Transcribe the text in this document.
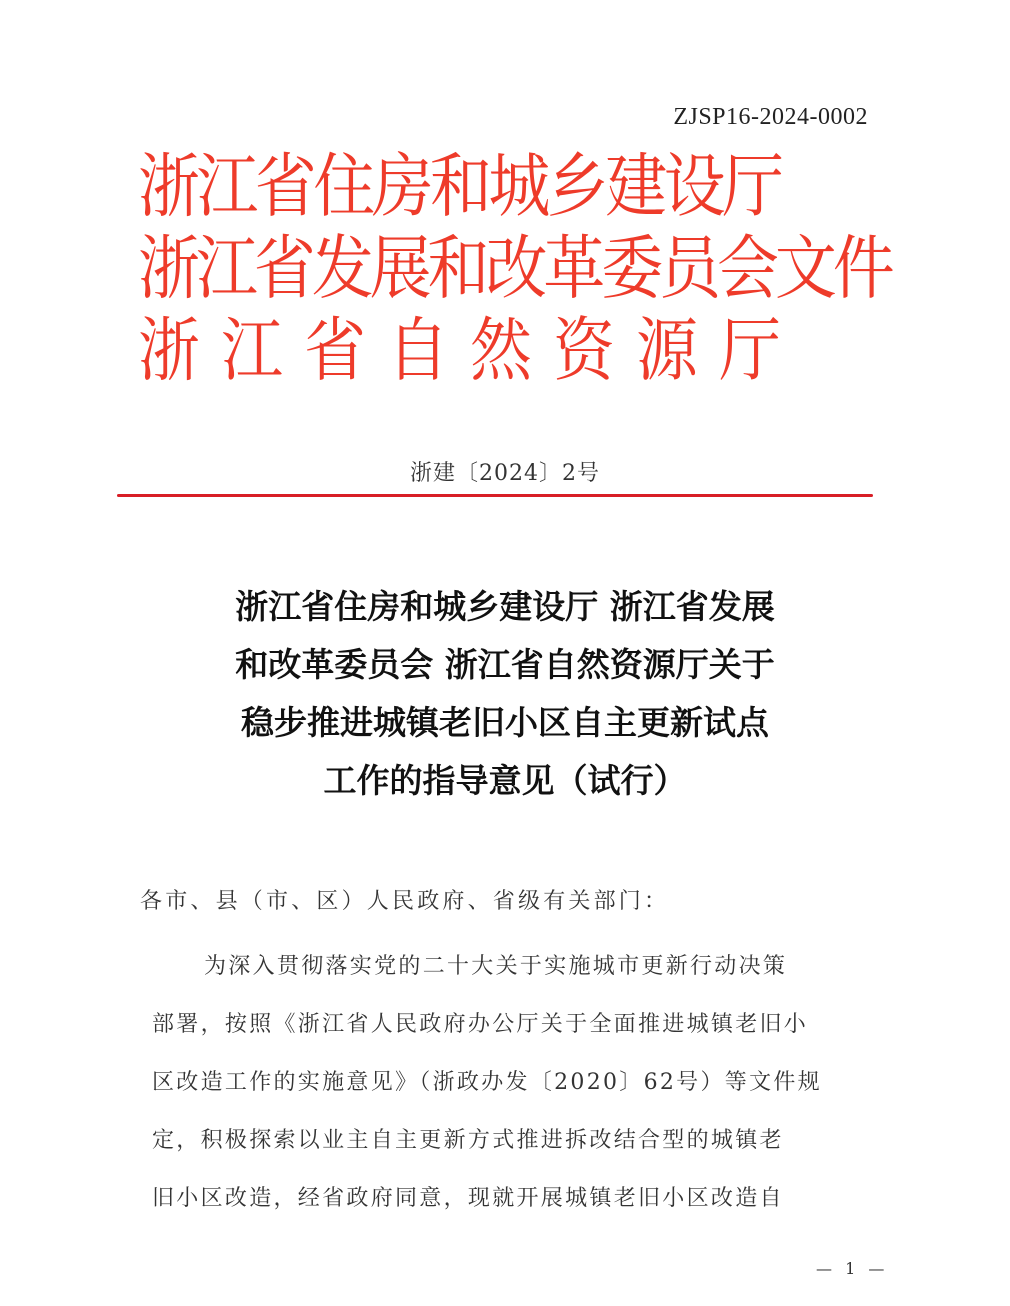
ZJSP16-2024-0002
浙江省住房和城乡建设厅
浙江省发展和改革委员会文件
浙江省自然资源厅
浙建〔2024〕2号
浙江省住房和城乡建设厅 浙江省发展
和改革委员会 浙江省自然资源厅关于
稳步推进城镇老旧小区自主更新试点
工作的指导意见（试行）
各市、县（市、区）人民政府、省级有关部门：
为深入贯彻落实党的二十大关于实施城市更新行动决策
部署，按照《浙江省人民政府办公厅关于全面推进城镇老旧小
区改造工作的实施意见》（浙政办发〔2020〕62号）等文件规
定，积极探索以业主自主更新方式推进拆改结合型的城镇老
旧小区改造，经省政府同意，现就开展城镇老旧小区改造自
— 1 —
